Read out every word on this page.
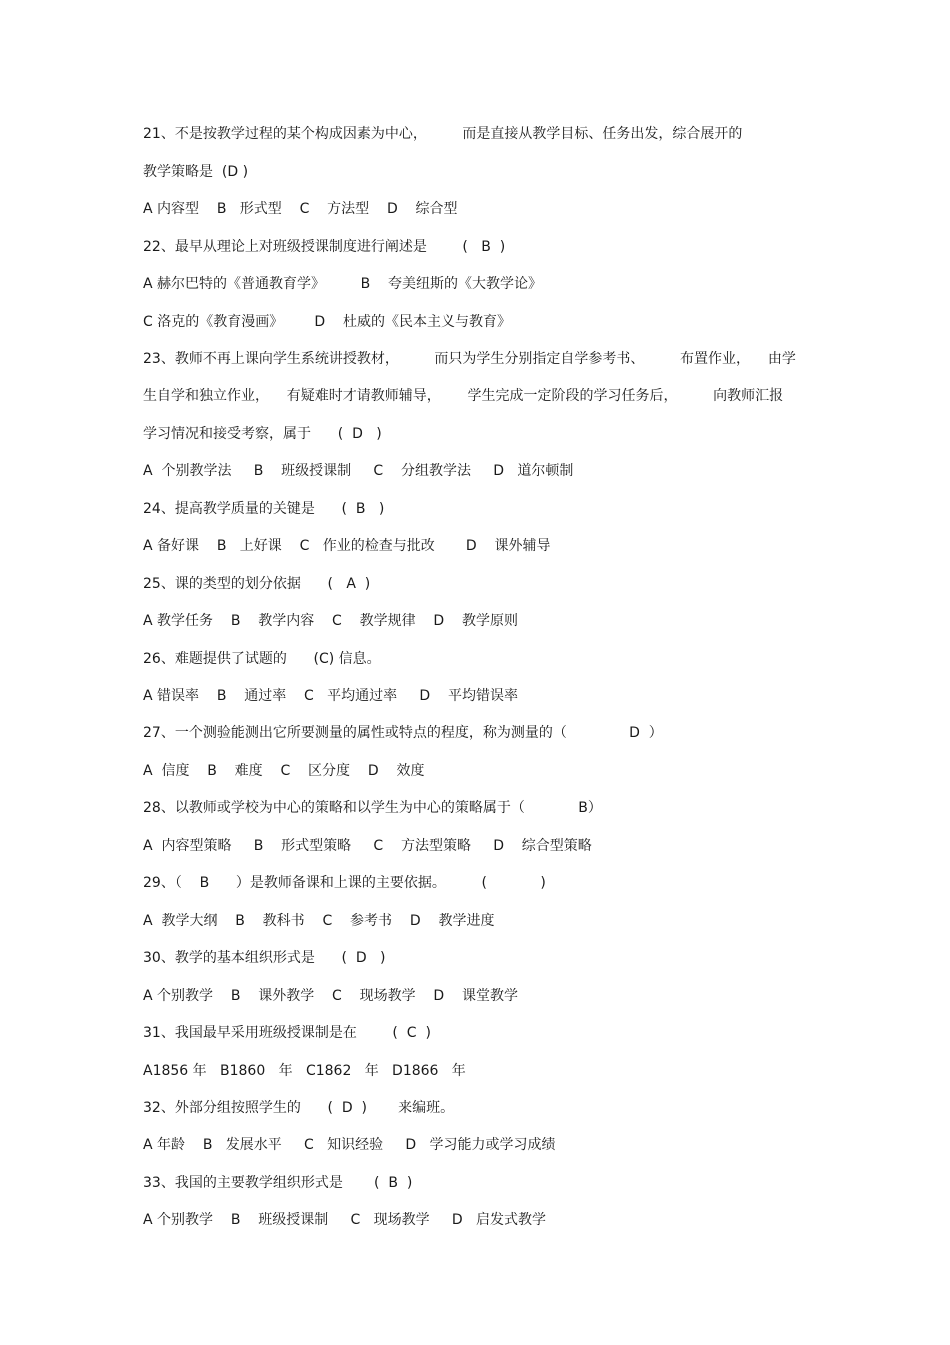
21、不是按教学过程的某个构成因素为中心，        而是直接从教学目标、任务出发，综合展开的
教学策略是  (D )
A 内容型    B   形式型    C    方法型    D    综合型
22、最早从理论上对班级授课制度进行阐述是        (   B  )
A 赫尔巴特的《普通教育学》        B    夸美纽斯的《大教学论》
C 洛克的《教育漫画》       D    杜威的《民本主义与教育》
23、教师不再上课向学生系统讲授教材，        而只为学生分别指定自学参考书、        布置作业，    由学
生自学和独立作业，    有疑难时才请教师辅导，      学生完成一定阶段的学习任务后，        向教师汇报
学习情况和接受考察，属于      (  D   )
A  个别教学法     B    班级授课制     C    分组教学法     D   道尔顿制
24、提高教学质量的关键是      (  B   )
A 备好课    B   上好课    C   作业的检查与批改       D    课外辅导
25、课的类型的划分依据      (   A  )
A 教学任务    B    教学内容    C    教学规律    D    教学原则
26、难题提供了试题的      (C) 信息。
A 错误率    B    通过率    C   平均通过率     D    平均错误率
27、一个测验能测出它所要测量的属性或特点的程度，称为测量的（              D  ）
A  信度    B    难度    C    区分度    D    效度
28、以教师或学校为中心的策略和以学生为中心的策略属于（            B）
A  内容型策略     B    形式型策略     C    方法型策略     D    综合型策略
29、（    B      ）是教师备课和上课的主要依据。        (            )
A  教学大纲    B    教科书    C    参考书    D    教学进度
30、教学的基本组织形式是      (  D   )
A 个别教学    B    课外教学    C    现场教学    D    课堂教学
31、我国最早采用班级授课制是在        (  C  )
A1856 年   B1860   年   C1862   年   D1866   年
32、外部分组按照学生的      (  D  )       来编班。
A 年龄    B   发展水平     C   知识经验     D   学习能力或学习成绩
33、我国的主要教学组织形式是       (  B  )
A 个别教学    B    班级授课制     C   现场教学     D   启发式教学
